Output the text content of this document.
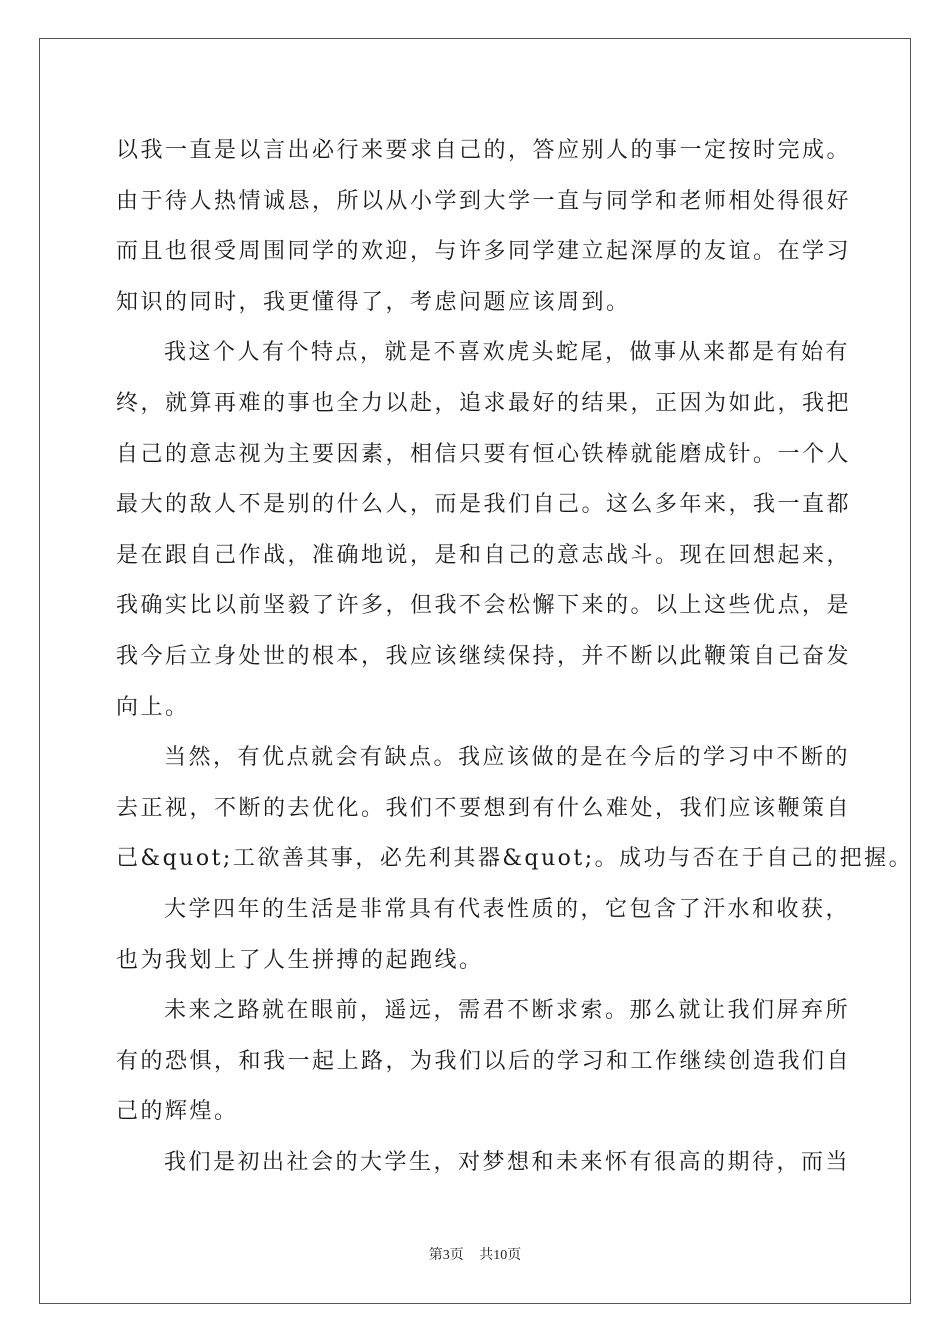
以我一直是以言出必行来要求自己的，答应别人的事一定按时完成。
由于待人热情诚恳，所以从小学到大学一直与同学和老师相处得很好
而且也很受周围同学的欢迎，与许多同学建立起深厚的友谊。在学习
知识的同时，我更懂得了，考虑问题应该周到。
我这个人有个特点，就是不喜欢虎头蛇尾，做事从来都是有始有
终，就算再难的事也全力以赴，追求最好的结果，正因为如此，我把
自己的意志视为主要因素，相信只要有恒心铁棒就能磨成针。一个人
最大的敌人不是别的什么人，而是我们自己。这么多年来，我一直都
是在跟自己作战，准确地说，是和自己的意志战斗。现在回想起来，
我确实比以前坚毅了许多，但我不会松懈下来的。以上这些优点，是
我今后立身处世的根本，我应该继续保持，并不断以此鞭策自己奋发
向上。
当然，有优点就会有缺点。我应该做的是在今后的学习中不断的
去正视，不断的去优化。我们不要想到有什么难处，我们应该鞭策自
己&quot;工欲善其事，必先利其器&quot;。成功与否在于自己的把握。
大学四年的生活是非常具有代表性质的，它包含了汗水和收获，
也为我划上了人生拼搏的起跑线。
未来之路就在眼前，遥远，需君不断求索。那么就让我们屏弃所
有的恐惧，和我一起上路，为我们以后的学习和工作继续创造我们自
己的辉煌。
我们是初出社会的大学生，对梦想和未来怀有很高的期待，而当
第3页 共10页
